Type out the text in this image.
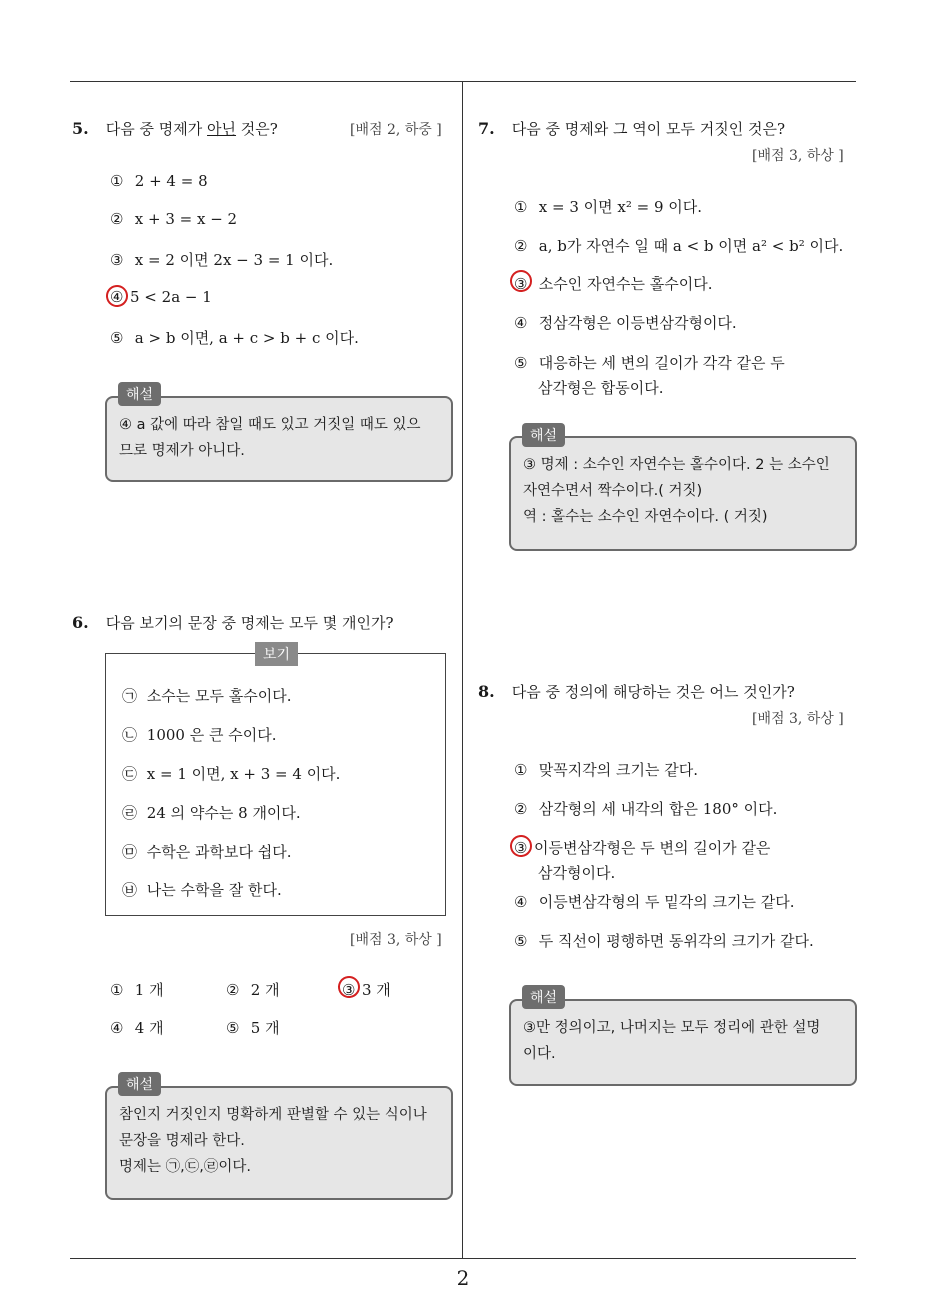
2
5. 다음 중 명제가 아닌 것은?	[배점 2, 하중 ]
① 2 + 4 = 8
② x + 3 = x − 2
③ x = 2 이면 2x − 3 = 1 이다.
④ 5 < 2a − 1
⑤ a > b 이면, a + c > b + c 이다.
④ a 값에 따라 참일 때도 있고 거짓일 때도 있으
므로 명제가 아니다.
해설
6. 다음 보기의 문장 중 명제는 모두 몇 개인가?
보기
㉠ 소수는 모두 홀수이다.
㉡ 1000 은 큰 수이다.
㉢ x = 1 이면, x + 3 = 4 이다.
㉣ 24 의 약수는 8 개이다.
㉤ 수학은 과학보다 쉽다.
㉥ 나는 수학을 잘 한다.
[배점 3, 하상 ]
① 1 개	② 2 개	③ 3 개
④ 4 개	⑤ 5 개
참인지 거짓인지 명확하게 판별할 수 있는 식이나
문장을 명제라 한다.
명제는 ㉠,㉢,㉣이다.
해설
7. 다음 중 명제와 그 역이 모두 거짓인 것은?
[배점 3, 하상 ]
① x = 3 이면 x² = 9 이다.
② a, b가 자연수 일 때 a < b 이면 a² < b² 이다.
③ 소수인 자연수는 홀수이다.
④ 정삼각형은 이등변삼각형이다.
⑤ 대응하는 세 변의 길이가 각각 같은 두
삼각형은 합동이다.
③ 명제 : 소수인 자연수는 홀수이다. 2 는 소수인
자연수면서 짝수이다.( 거짓)
역 : 홀수는 소수인 자연수이다. ( 거짓)
해설
8. 다음 중 정의에 해당하는 것은 어느 것인가?
[배점 3, 하상 ]
① 맞꼭지각의 크기는 같다.
② 삼각형의 세 내각의 합은 180° 이다.
③ 이등변삼각형은 두 변의 길이가 같은
삼각형이다.
④ 이등변삼각형의 두 밑각의 크기는 같다.
⑤ 두 직선이 평행하면 동위각의 크기가 같다.
③만 정의이고, 나머지는 모두 정리에 관한 설명
이다.
해설
